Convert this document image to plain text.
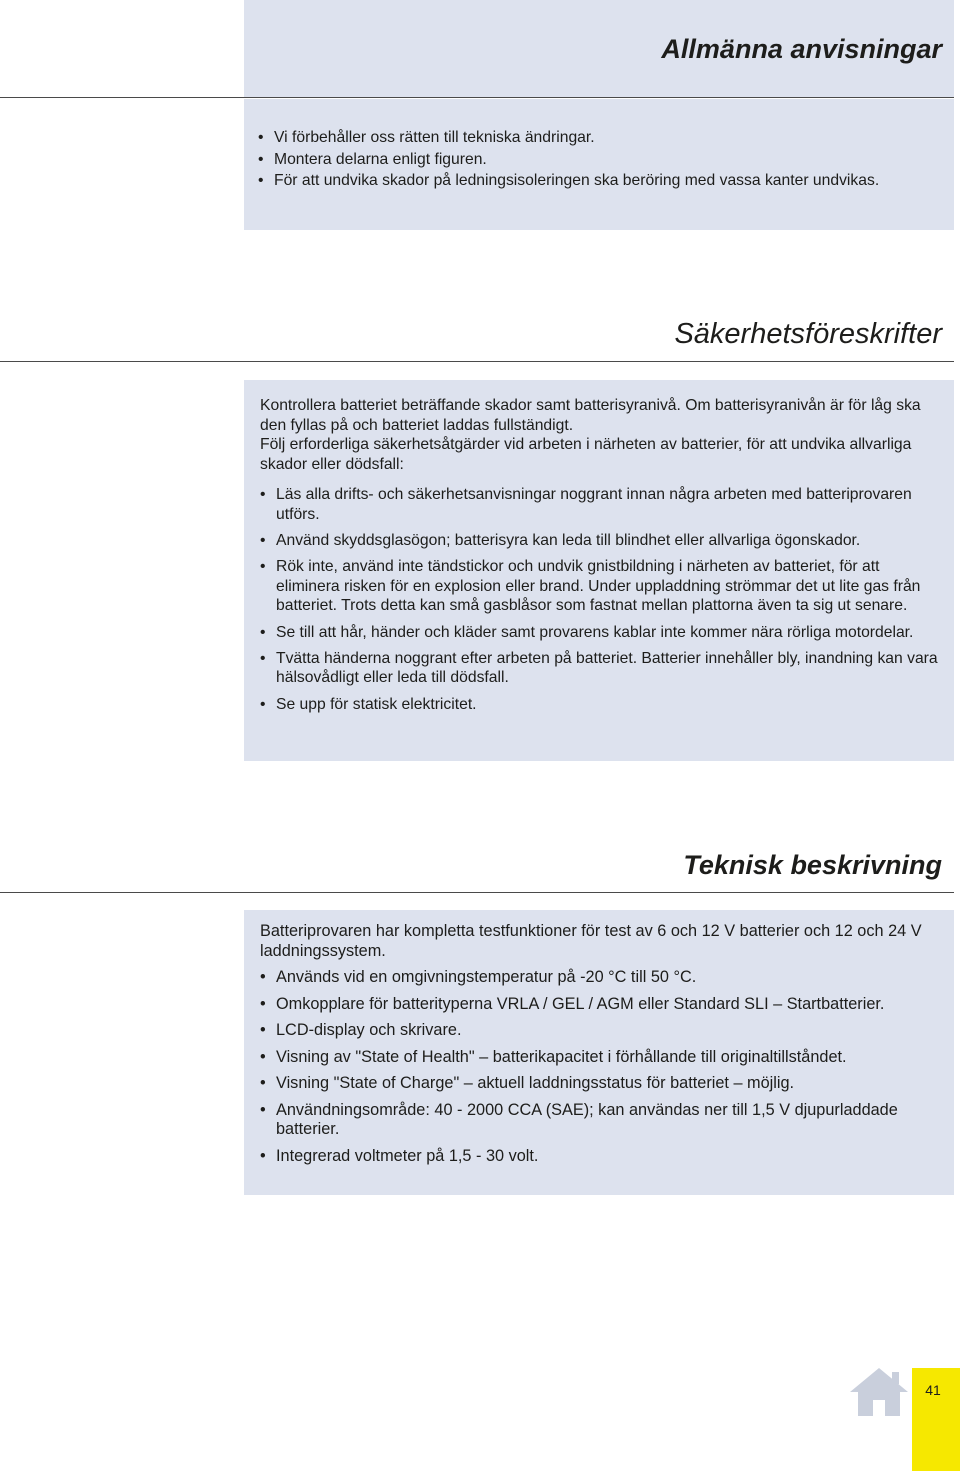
Allmänna anvisningar
• Vi förbehåller oss rätten till tekniska ändringar.
• Montera delarna enligt figuren.
• För att undvika skador på ledningsisoleringen ska beröring med vassa kanter undvikas.
Säkerhetsföreskrifter

Kontrollera batteriet beträffande skador samt batterisyranivå. Om batterisyranivån är för låg ska den fyllas på och batteriet laddas fullständigt.

Följ erforderliga säkerhetsåtgärder vid arbeten i närheten av batterier, för att undvika allvarliga skador eller dödsfall:

• Läs alla drifts- och säkerhetsanvisningar noggrant innan några arbeten med batteriprovaren utförs.
• Använd skyddsglasögon; batterisyra kan leda till blindhet eller allvarliga ögonskador.
• Rök inte, använd inte tändstickor och undvik gnistbildning i närheten av batteriet, för att eliminera risken för en explosion eller brand. Under uppladdning strömmar det ut lite gas från batteriet. Trots detta kan små gasblåsor som fastnat mellan plattorna även ta sig ut senare.
• Se till att hår, händer och kläder samt provarens kablar inte kommer nära rörliga motordelar.
• Tvätta händerna noggrant efter arbeten på batteriet. Batterier innehåller bly, inandning kan vara hälsovådligt eller leda till dödsfall.
• Se upp för statisk elektricitet.
Teknisk beskrivning

Batteriprovaren har kompletta testfunktioner för test av 6 och 12 V batterier och 12 och 24 V laddningssystem.

• Används vid en omgivningstemperatur på -20 °C till 50 °C.
• Omkopplare för batterityperna VRLA / GEL / AGM eller Standard SLI – Startbatterier.
• LCD-display och skrivare.
• Visning av "State of Health" – batterikapacitet i förhållande till originaltillståndet.
• Visning "State of Charge" – aktuell laddningsstatus för batteriet – möjlig.
• Användningsområde: 40 - 2000 CCA (SAE); kan användas ner till 1,5 V djupurladdade batterier.
• Integrerad voltmeter på 1,5 - 30 volt.
41
